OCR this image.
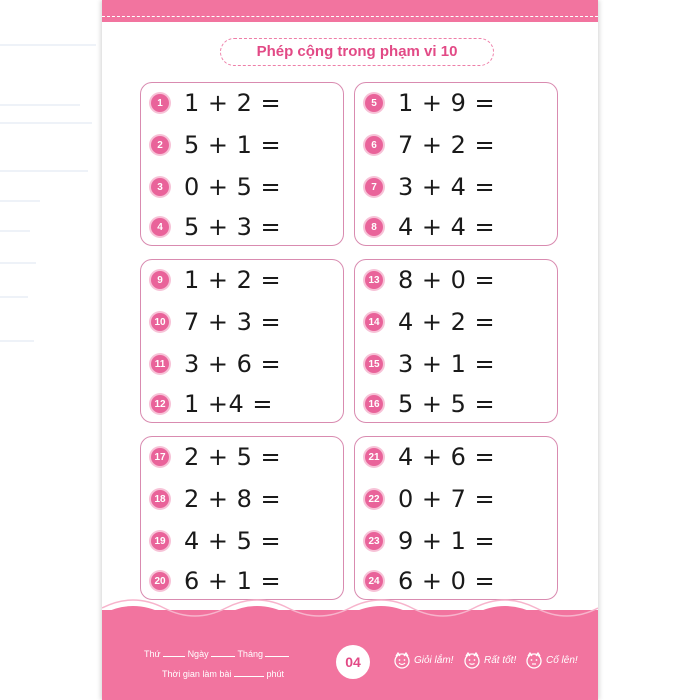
Phép cộng trong phạm vi 10
1 1 + 2 =
2 5 + 1 =
3 0 + 5 =
4 5 + 3 =
5 1 + 9 =
6 7 + 2 =
7 3 + 4 =
8 4 + 4 =
9 1 + 2 =
10 7 + 3 =
11 3 + 6 =
12 1 +4 =
13 8 + 0 =
14 4 + 2 =
15 3 + 1 =
16 5 + 5 =
17 2 + 5 =
18 2 + 8 =
19 4 + 5 =
20 6 + 1 =
21 4 + 6 =
22 0 + 7 =
23 9 + 1 =
24 6 + 0 =
Thứ	Ngày	Tháng
Thời gian làm bài	phút
04	Giỏi lắm!	Rất tốt!	Cố lên!
